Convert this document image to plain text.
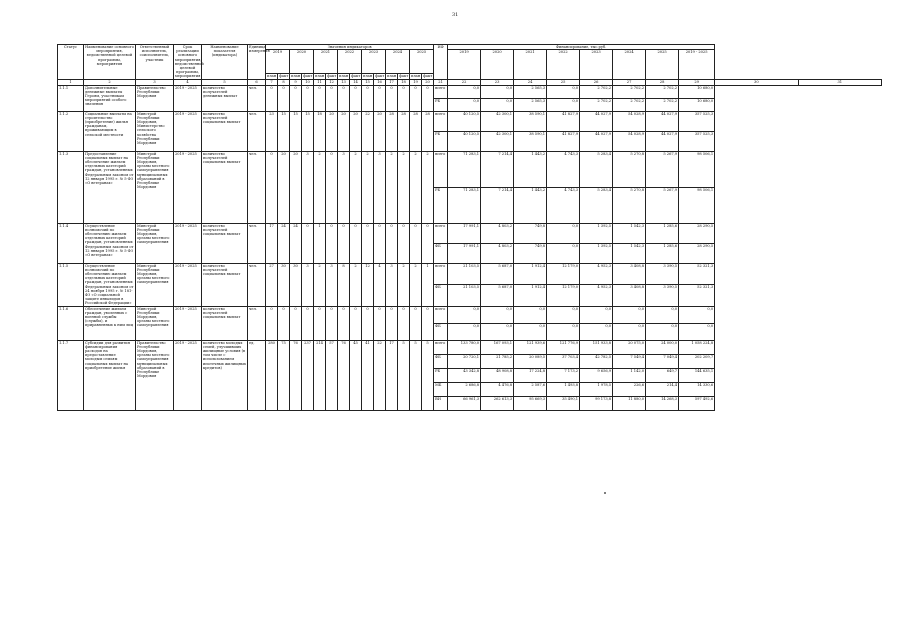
31
Статус	Наименование основного мероприятия, ведомственной целевой программы, мероприятия	Ответственный исполнитель, соисполнитель, участник	Срок реализации основного мероприятия, ведомственной целевой программы, мероприятия	Наименование показателя (индикатора)	Единица измерения	Значения индикаторов														ИФ	Финансирование, тыс.руб.									
						2019		2020		2021		2022		2023		2024		2025			2019	2020	2021	2022	2023	2024	2025	2019 - 2025		
						план	факт	план	факт	план	факт	план	факт	план	факт	план	факт	план	факт											
1	2	3	4	5	6	7	8	9	10	11	12	13	14	15	16	17	18	19	20	21	22	23	24	25	26	27	28	29	30	31
1.1.1	Дополнительные денежные выплаты Героям, участникам мероприятий особого значения	Правительство Республики Мордовия	2019 - 2025	количество получателей денежных выплат	чел.	0	0	0	0	0	0	0	0	0	0	0	0	0	0	всего	0,0	0,0	2 565,3	0,0	2 702,2	2 702,2	2 702,2	10 680,0		
																				РБ	0,0	0,0	2 565,3	0,0	2 702,2	2 702,2	2 702,2	10 680,0		
1.1.2	Социальные выплаты на строительство (приобретение) жилья гражданам, проживающим в сельской местности	Минстрой Республики Мордовия, Министерство сельского хозяйства Республики Мордовия	2019 - 2025	количество получателей социальных выплат	чел.	23	15	15	15	18	20	20	20	22	20	28	28	28	28	всего	40 120,5	42 300,1	38 590,1	41 827,9	44 027,9	54 028,9	44 027,9	357 525,3		
																				РБ	40 120,5	42 300,1	38 590,1	41 827,9	44 027,9	54 028,9	44 027,9	357 525,3		
1.1.3	Предоставление социальных выплат на обеспечение жильем отдельных категорий граждан, установленных Федеральным законом от 12 января 1995 г. № 5-ФЗ «О ветеранах»	Минстрой Республики Мордовия, органы местного самоуправления муниципальных образований в Республике Мордовия	2019 - 2025	количество получателей социальных выплат	чел.	0	20	20	3	2	0	3	2	2	3	2	2	2	2	всего	71 283,1	7 214,4	1 443,2	4 743,3	5 283,4	5 270,8	5 267,9	98 506,1		
																				РБ	71 283,1	7 214,4	1 443,2	4 743,3	5 283,4	5 270,8	5 267,9	98 506,1		
1.1.4	Осуществление полномочий по обеспечению жильем отдельных категорий граждан, установленных Федеральным законом от 12 января 1995 г. № 5-ФЗ «О ветеранах»	Минстрой Республики Мордовия, органы местного самоуправления	2019 - 2025	количество получателей социальных выплат	чел.	17	24	24	0	1	0	0	0	0	0	0	0	0	0	всего	17 991,1	4 803,2	749,8	0,0	1 392,5	1 542,3	1 285,6	28 290,5		
																				ФБ	17 991,1	4 803,2	749,8	0,0	1 392,5	1 542,3	1 285,6	28 290,5		
1.1.5	Осуществление полномочий по обеспечению жильем отдельных категорий граждан, установленных Федеральным законом от 24 ноября 1995 г. № 181-ФЗ «О социальной защите инвалидов в Российской Федерации»	Минстрой Республики Мордовия, органы местного самоуправления	2019 - 2025	количество получателей социальных выплат	чел.	27	30	30	3	2	3	8	2	12	4	3	2	2	1	всего	21 103,5	5 687,0	1 912,4	12 179,0	4 952,3	3 408,8	3 390,5	52 321,3		
																				ФБ	21 103,5	5 687,0	1 912,4	12 179,0	4 952,3	3 408,8	3 390,5	52 321,3		
1.1.6	Обеспечение жильем граждан, уволенных с военной службы (службы), и приравненных к ним лиц	Минстрой Республики Мордовия, органы местного самоуправления	2019 - 2025	количество получателей социальных выплат	чел.	0	0	0	0	0	0	0	0	0	0	0	0	0	0	всего	0,0	0,0	0,0	0,0	0,0	0,0	0,0	0,0		
																				ФБ	0,0	0,0	0,0	0,0	0,0	0,0	0,0	0,0		
1.1.7	Субсидии для развития финансирования расходов на предоставление молодым семьям социальных выплат на приобретение жилья	Правительство Республики Мордовия, органы местного самоуправления муниципальных образований в Республике Мордовия	2019 - 2025	количество молодых семей, улучшивших жилищные условия (в том числе с использованием ипотечных жилищных кредитов)	ед.	280	75	76	237	214	57	76	45	41	22	17	5	5	5	всего	133 780,0	167 093,1	121 939,6	121 776,9	151 933,8	20 075,0	24 000,0	1 058 224,8		
																				ФБ	20 720,1	21 785,2	20 089,5	37 703,4	42 782,5	7 549,4	7 049,4	202 209,7		
																				РБ	43 342,8	48 908,8	17 224,8	7 173,2	9 656,9	1 142,0	649,7	144 635,1		
																				МБ	2 686,8	4 476,8	2 587,6	1 493,8	1 978,5	226,6	214,4	14 330,6		
																				ВИ	66 961,3	262 613,3	95 669,3	35 490,1	99 173,8	11 880,0	14 268,3	597 492,6		
